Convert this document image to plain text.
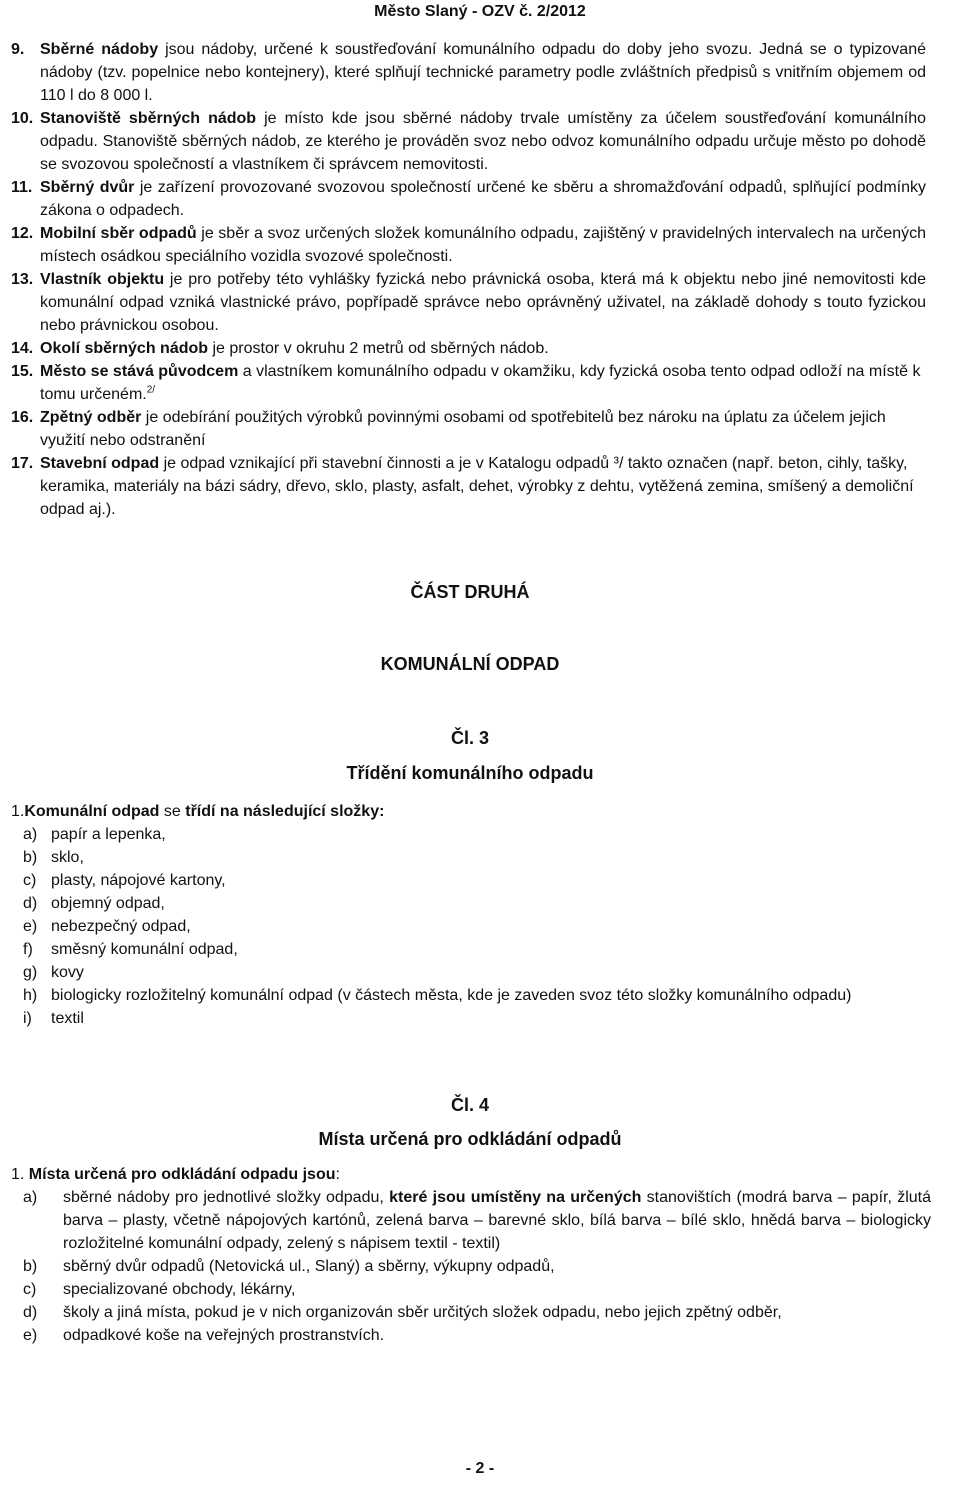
Město Slaný - OZV č. 2/2012

9. Sběrné nádoby jsou nádoby, určené k soustřeďování komunálního odpadu do doby jeho svozu. Jedná se o typizované nádoby (tzv. popelnice nebo kontejnery), které splňují technické parametry podle zvláštních předpisů s vnitřním objemem od 110 l do 8 000 l.

10. Stanoviště sběrných nádob je místo kde jsou sběrné nádoby trvale umístěny za účelem soustřeďování komunálního odpadu. Stanoviště sběrných nádob, ze kterého je prováděn svoz nebo odvoz komunálního odpadu určuje město po dohodě se svozovou společností a vlastníkem či správcem nemovitosti.

11. Sběrný dvůr je zařízení provozované svozovou společností určené ke sběru a shromažďování odpadů, splňující podmínky zákona o odpadech.

12. Mobilní sběr odpadů je sběr a svoz určených složek komunálního odpadu, zajištěný v pravidelných intervalech na určených místech osádkou speciálního vozidla svozové společnosti.

13. Vlastník objektu je pro potřeby této vyhlášky fyzická nebo právnická osoba, která má k objektu nebo jiné nemovitosti kde komunální odpad vzniká vlastnické právo, popřípadě správce nebo oprávněný uživatel, na základě dohody s touto fyzickou nebo právnickou osobou.

14. Okolí sběrných nádob je prostor v okruhu 2 metrů od sběrných nádob.

15. Město se stává původcem a vlastníkem komunálního odpadu v okamžiku, kdy fyzická osoba tento odpad odloží na místě k tomu určeném.$^{2/}$

16. Zpětný odběr je odebírání použitých výrobků povinnými osobami od spotřebitelů bez nároku na úplatu za účelem jejich využití nebo odstranění

17. Stavební odpad je odpad vznikající při stavební činnosti a je v Katalogu odpadů ³/ takto označen (např. beton, cihly, tašky, keramika, materiály na bázi sádry, dřevo, sklo, plasty, asfalt, dehet, výrobky z dehtu, vytěžená zemina, smíšený a demoliční odpad aj.).

ČÁST DRUHÁ
KOMUNÁLNÍ ODPAD
Čl. 3
Třídění komunálního odpadu

1.Komunální odpad se třídí na následující složky:

a) papír a lepenka,
b) sklo,
c) plasty, nápojové kartony,
d) objemný odpad,
e) nebezpečný odpad,
f) směsný komunální odpad,
g) kovy
h) biologicky rozložitelný komunální odpad (v částech města, kde je zaveden svoz této složky komunálního odpadu)
i) textil
Čl. 4
Místa určená pro odkládání odpadů

1. Místa určená pro odkládání odpadu jsou:

a) sběrné nádoby pro jednotlivé složky odpadu, které jsou umístěny na určených stanovištích (modrá barva – papír, žlutá barva – plasty, včetně nápojových kartónů, zelená barva – barevné sklo, bílá barva – bílé sklo, hnědá barva – biologicky rozložitelné komunální odpady, zelený s nápisem textil - textil)
b) sběrný dvůr odpadů (Netovická ul., Slaný) a sběrny, výkupny odpadů,
c) specializované obchody, lékárny,
d) školy a jiná místa, pokud je v nich organizován sběr určitých složek odpadu, nebo jejich zpětný odběr,
e) odpadkové koše na veřejných prostranstvích.
- 2 -
